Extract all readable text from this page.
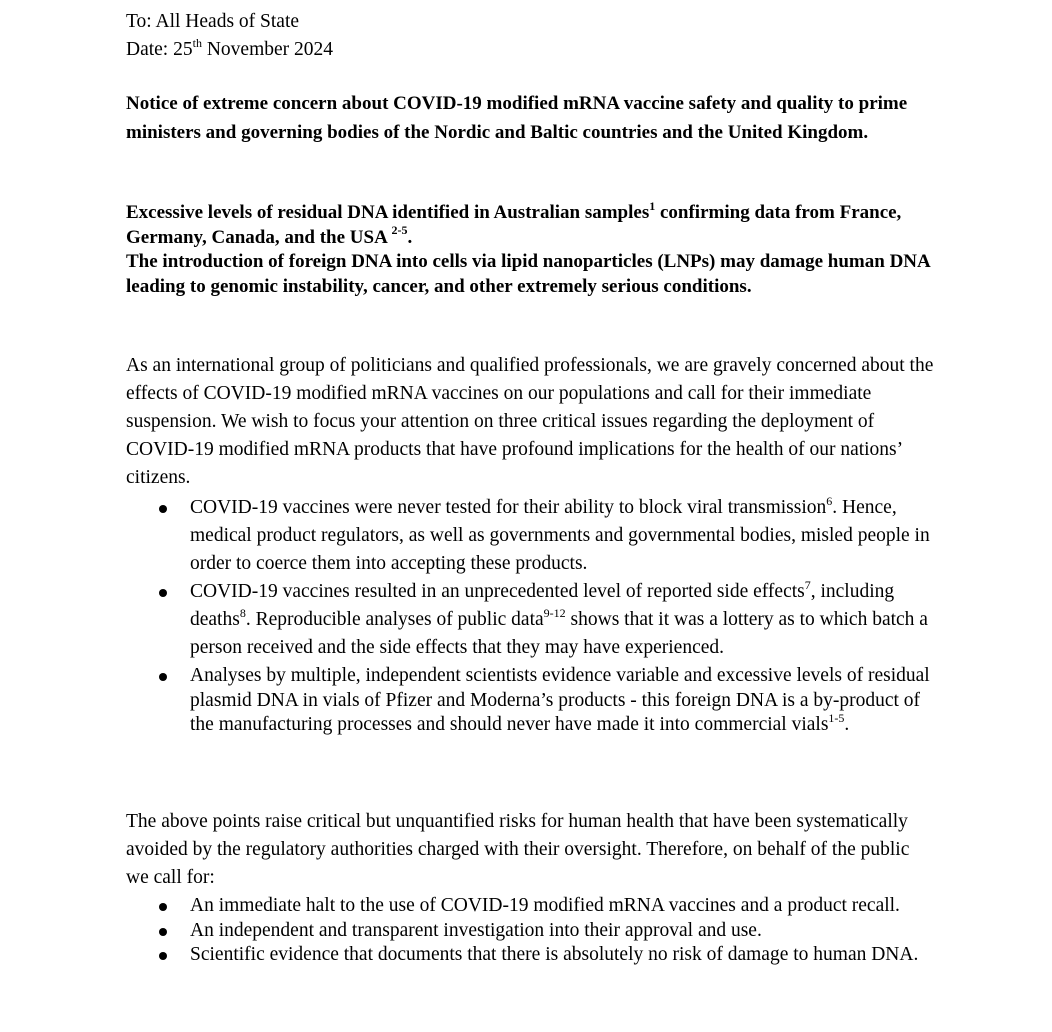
To: All Heads of State
Date: 25th November 2024

Notice of extreme concern about COVID-19 modified mRNA vaccine safety and quality to prime ministers and governing bodies of the Nordic and Baltic countries and the United Kingdom.

Excessive levels of residual DNA identified in Australian samples$^1$ confirming data from France, Germany, Canada, and the USA $^{2-5}$.

The introduction of foreign DNA into cells via lipid nanoparticles (LNPs) may damage human DNA leading to genomic instability, cancer, and other extremely serious conditions.

As an international group of politicians and qualified professionals, we are gravely concerned about the effects of COVID-19 modified mRNA vaccines on our populations and call for their immediate suspension. We wish to focus your attention on three critical issues regarding the deployment of COVID-19 modified mRNA products that have profound implications for the health of our nations’ citizens.

COVID-19 vaccines were never tested for their ability to block viral transmission$^6$. Hence, medical product regulators, as well as governments and governmental bodies, misled people in order to coerce them into accepting these products.
COVID-19 vaccines resulted in an unprecedented level of reported side effects$^7$, including deaths$^8$. Reproducible analyses of public data$^{9-12}$ shows that it was a lottery as to which batch a person received and the side effects that they may have experienced.
Analyses by multiple, independent scientists evidence variable and excessive levels of residual plasmid DNA in vials of Pfizer and Moderna’s products - this foreign DNA is a by-product of the manufacturing processes and should never have made it into commercial vials$^{1-5}$.

The above points raise critical but unquantified risks for human health that have been systematically avoided by the regulatory authorities charged with their oversight. Therefore, on behalf of the public we call for:

An immediate halt to the use of COVID-19 modified mRNA vaccines and a product recall.
An independent and transparent investigation into their approval and use.
Scientific evidence that documents that there is absolutely no risk of damage to human DNA.
